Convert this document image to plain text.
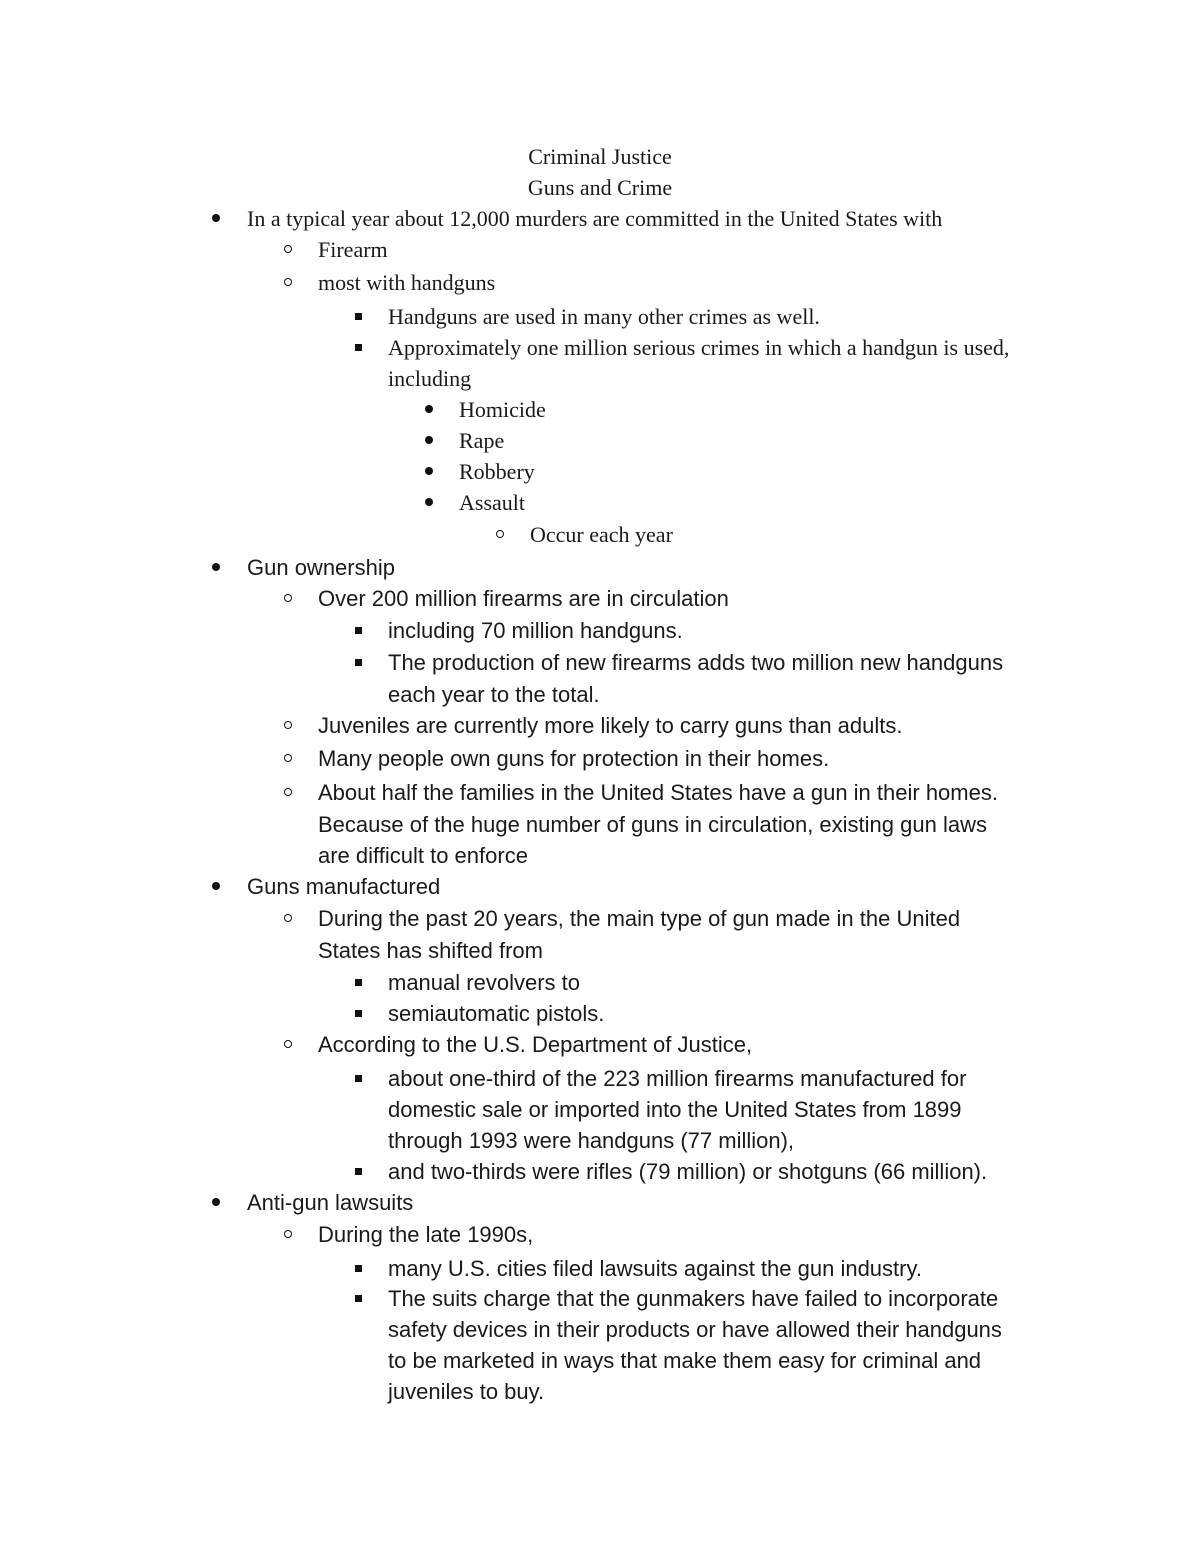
Criminal Justice
Guns and Crime
In a typical year about 12,000 murders are committed in the United States with
Firearm
most with handguns
Handguns are used in many other crimes as well.
Approximately one million serious crimes in which a handgun is used,
including
Homicide
Rape
Robbery
Assault
Occur each year
Gun ownership
Over 200 million firearms are in circulation
including 70 million handguns.
The production of new firearms adds two million new handguns
each year to the total.
Juveniles are currently more likely to carry guns than adults.
Many people own guns for protection in their homes.
About half the families in the United States have a gun in their homes.
Because of the huge number of guns in circulation, existing gun laws
are difficult to enforce
Guns manufactured
During the past 20 years, the main type of gun made in the United
States has shifted from
manual revolvers to
semiautomatic pistols.
According to the U.S. Department of Justice,
about one-third of the 223 million firearms manufactured for
domestic sale or imported into the United States from 1899
through 1993 were handguns (77 million),
and two-thirds were rifles (79 million) or shotguns (66 million).
Anti-gun lawsuits
During the late 1990s,
many U.S. cities filed lawsuits against the gun industry.
The suits charge that the gunmakers have failed to incorporate
safety devices in their products or have allowed their handguns
to be marketed in ways that make them easy for criminal and
juveniles to buy.
